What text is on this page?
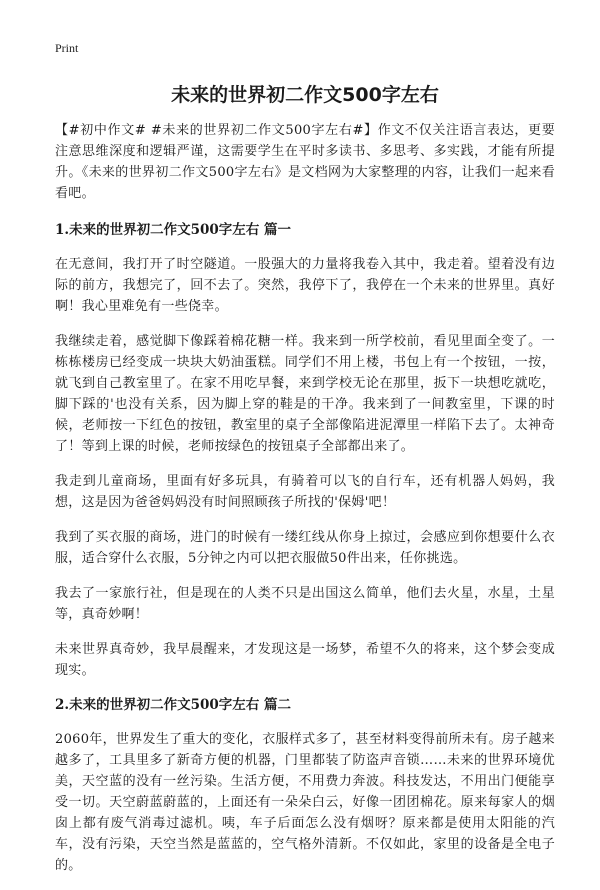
Print
未来的世界初二作文500字左右

【#初中作文# #未来的世界初二作文500字左右#】作文不仅关注语言表达，更要注意思维深度和逻辑严谨，这需要学生在平时多读书、多思考、多实践，才能有所提升。《未来的世界初二作文500字左右》是文档网为大家整理的内容，让我们一起来看看吧。

1.未来的世界初二作文500字左右 篇一

在无意间，我打开了时空隧道。一股强大的力量将我卷入其中，我走着。望着没有边际的前方，我想完了，回不去了。突然，我停下了，我停在一个未来的世界里。真好啊！我心里难免有一些侥幸。

我继续走着，感觉脚下像踩着棉花糖一样。我来到一所学校前，看见里面全变了。一栋栋楼房已经变成一块块大奶油蛋糕。同学们不用上楼，书包上有一个按钮，一按，就飞到自己教室里了。在家不用吃早餐，来到学校无论在那里，扳下一块想吃就吃，脚下踩的'也没有关系，因为脚上穿的鞋是的干净。我来到了一间教室里，下课的时候，老师按一下红色的按钮，教室里的桌子全部像陷进泥潭里一样陷下去了。太神奇了！等到上课的时候，老师按绿色的按钮桌子全部都出来了。

我走到儿童商场，里面有好多玩具，有骑着可以飞的自行车，还有机器人妈妈，我想，这是因为爸爸妈妈没有时间照顾孩子所找的'保姆'吧！

我到了买衣服的商场，进门的时候有一缕红线从你身上掠过，会感应到你想要什么衣服，适合穿什么衣服，5分钟之内可以把衣服做50件出来，任你挑选。

我去了一家旅行社，但是现在的人类不只是出国这么简单，他们去火星，水星，土星等，真奇妙啊！

未来世界真奇妙，我早晨醒来，才发现这是一场梦，希望不久的将来，这个梦会变成现实。

2.未来的世界初二作文500字左右 篇二

2060年，世界发生了重大的变化，衣服样式多了，甚至材料变得前所未有。房子越来越多了，工具里多了新奇方便的机器，门里都装了防盗声音锁……未来的世界环境优美，天空蓝的没有一丝污染。生活方便，不用费力奔波。科技发达，不用出门便能享受一切。天空蔚蓝蔚蓝的，上面还有一朵朵白云，好像一团团棉花。原来每家人的烟囱上都有废气消毒过滤机。咦，车子后面怎么没有烟呀？原来都是使用太阳能的汽车，没有污染，天空当然是蓝蓝的，空气格外清新。不仅如此，家里的设备是全电子的。
